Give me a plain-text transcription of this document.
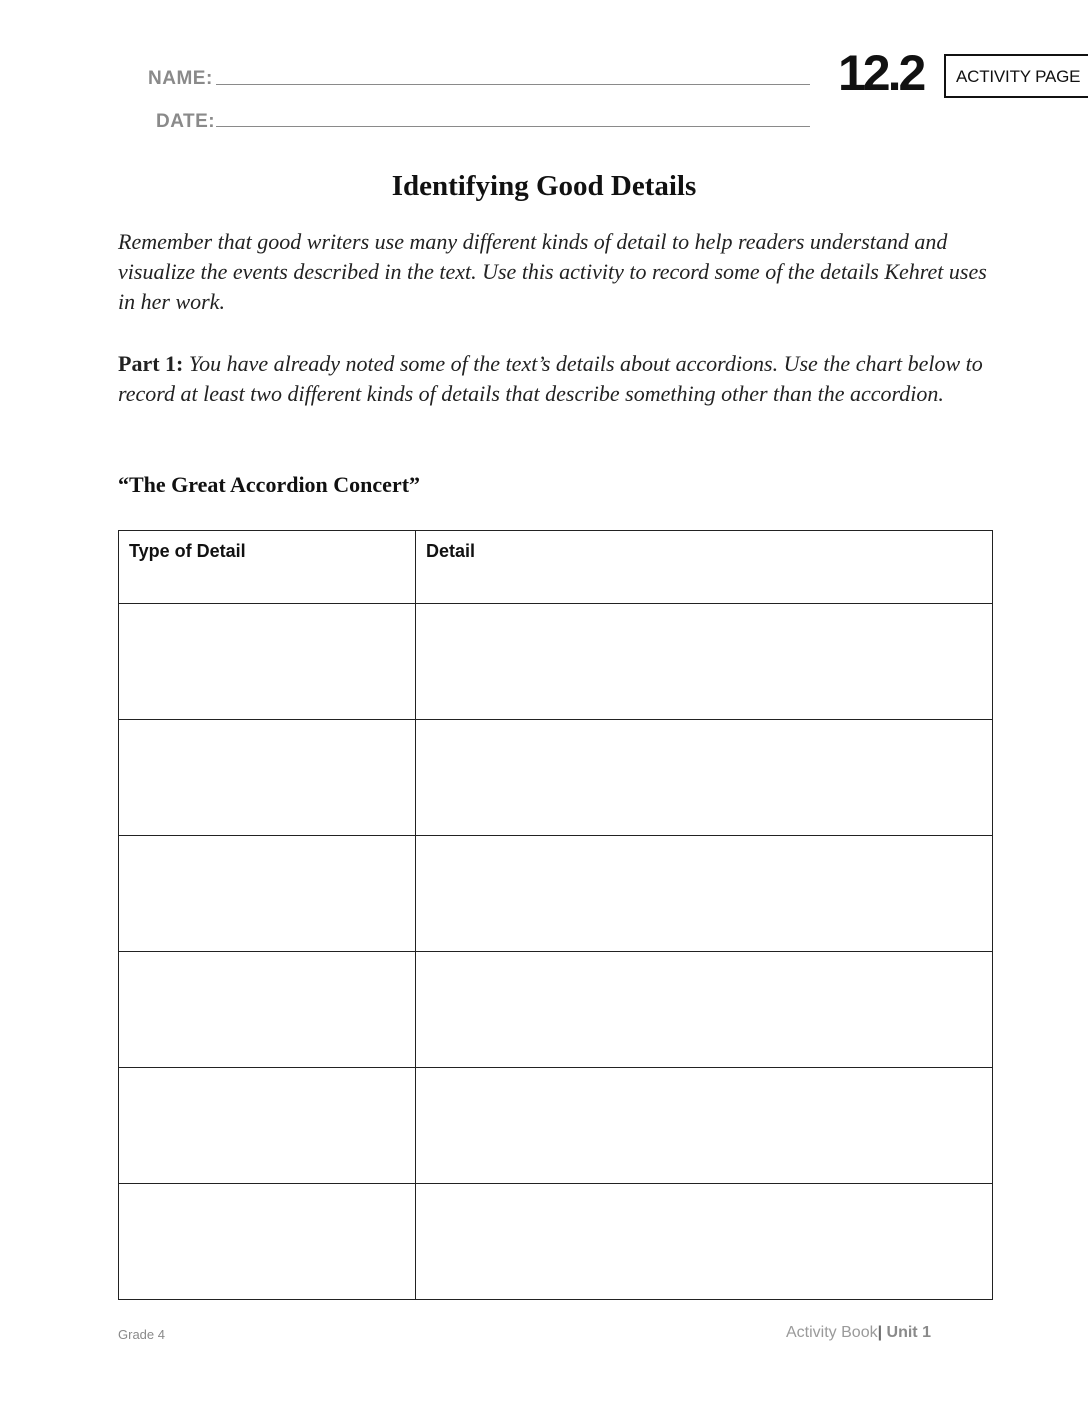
NAME:
DATE:
12.2	ACTIVITY PAGE
Identifying Good Details
Remember that good writers use many different kinds of detail to help readers understand and visualize the events described in the text. Use this activity to record some of the details Kehret uses in her work.
Part 1: You have already noted some of the text’s details about accordions. Use the chart below to record at least two different kinds of details that describe something other than the accordion.
“The Great Accordion Concert”
Type of Detail	Detail

Grade 4	Activity Book| Unit 1
